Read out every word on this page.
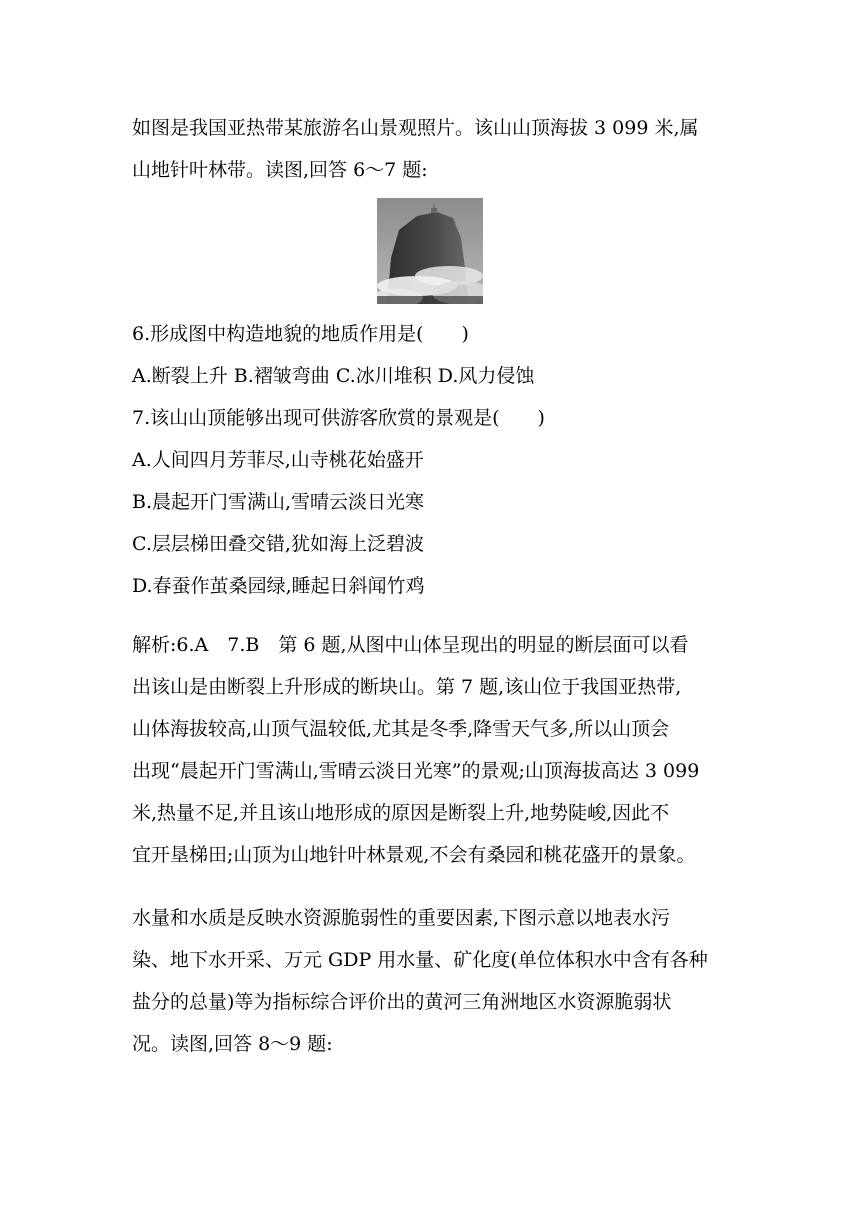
如图是我国亚热带某旅游名山景观照片。该山山顶海拔 3 099 米,属
山地针叶林带。读图,回答 6～7 题:

6.形成图中构造地貌的地质作用是(　　)
A.断裂上升 B.褶皱弯曲 C.冰川堆积 D.风力侵蚀

7.该山山顶能够出现可供游客欣赏的景观是(　　)
A.人间四月芳菲尽,山寺桃花始盛开
B.晨起开门雪满山,雪晴云淡日光寒
C.层层梯田叠交错,犹如海上泛碧波
D.春蚕作茧桑园绿,睡起日斜闻竹鸡

解析:6.A　7.B　第 6 题,从图中山体呈现出的明显的断层面可以看
出该山是由断裂上升形成的断块山。第 7 题,该山位于我国亚热带,
山体海拔较高,山顶气温较低,尤其是冬季,降雪天气多,所以山顶会
出现“晨起开门雪满山,雪晴云淡日光寒”的景观;山顶海拔高达 3 099
米,热量不足,并且该山地形成的原因是断裂上升,地势陡峻,因此不
宜开垦梯田;山顶为山地针叶林景观,不会有桑园和桃花盛开的景象。

水量和水质是反映水资源脆弱性的重要因素,下图示意以地表水污
染、地下水开采、万元 GDP 用水量、矿化度(单位体积水中含有各种
盐分的总量)等为指标综合评价出的黄河三角洲地区水资源脆弱状
况。读图,回答 8～9 题:
